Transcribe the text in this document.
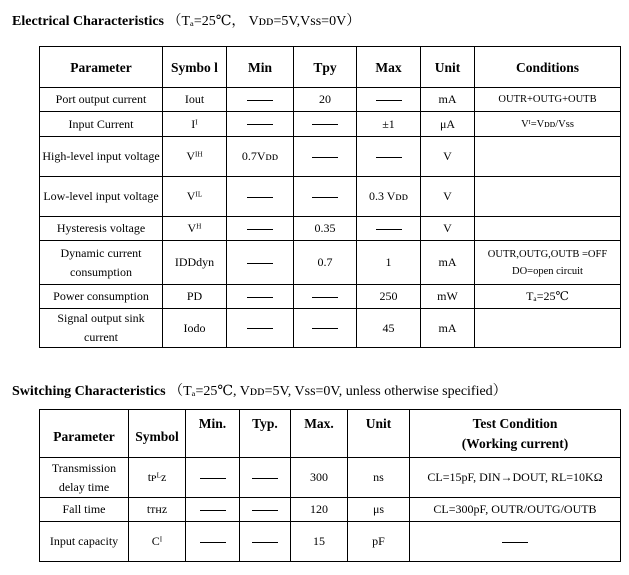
Electrical Characteristics （Tₐ=25℃， Vᴅᴅ=5V,Vss=0V）
Parameter	Symbo l	Min	Tpy	Max	Unit	Conditions
Port output current	Iout		20		mA	OUTR+OUTG+OUTB
Input Current	Iᴵ			±1	μA	Vᴵ=Vᴅᴅ/Vss
High-level input voltage	Vᴵᴴ	0.7Vᴅᴅ			V	
Low-level input voltage	Vᴵᴸ			0.3 Vᴅᴅ	V	
Hysteresis voltage	Vᴴ		0.35		V	
Dynamic current consumption	IDDdyn		0.7	1	mA	OUTR,OUTG,OUTB =OFF DO=open circuit
Power consumption	PD			250	mW	Tₐ=25℃
Signal output sink current	Iodo			45	mA	
Switching Characteristics （Tₐ=25℃, Vᴅᴅ=5V, Vss=0V, unless otherwise specified）
Parameter	Symbol	Min.	Typ.	Max.	Unit	Test Condition
(Working current)

Transmission delay time	tᴘᴸᴢ			300	ns	CL=15pF, DIN→DOUT, RL=10KΩ
Fall time	tᴛʜᴢ			120	μs	CL=300pF, OUTR/OUTG/OUTB
Input capacity	Cᴵ			15	pF	
